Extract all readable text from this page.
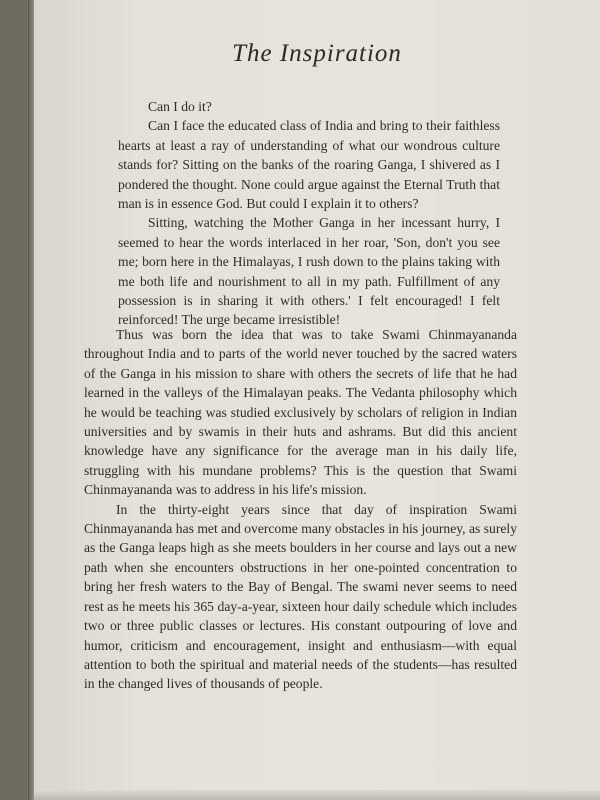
The Inspiration

Can I do it?

Can I face the educated class of India and bring to their faithless hearts at least a ray of understanding of what our wondrous culture stands for? Sitting on the banks of the roaring Ganga, I shivered as I pondered the thought. None could argue against the Eternal Truth that man is in essence God. But could I explain it to others?

Sitting, watching the Mother Ganga in her incessant hurry, I seemed to hear the words interlaced in her roar, 'Son, don't you see me; born here in the Himalayas, I rush down to the plains taking with me both life and nourishment to all in my path. Fulfillment of any possession is in sharing it with others.' I felt encouraged! I felt reinforced! The urge became irresistible!

Thus was born the idea that was to take Swami Chinmayananda throughout India and to parts of the world never touched by the sacred waters of the Ganga in his mission to share with others the secrets of life that he had learned in the valleys of the Himalayan peaks. The Vedanta philosophy which he would be teaching was studied exclusively by scholars of religion in Indian universities and by swamis in their huts and ashrams. But did this ancient knowledge have any significance for the average man in his daily life, struggling with his mundane problems? This is the question that Swami Chinmayananda was to address in his life's mission.

In the thirty-eight years since that day of inspiration Swami Chinmayananda has met and overcome many obstacles in his journey, as surely as the Ganga leaps high as she meets boulders in her course and lays out a new path when she encounters obstructions in her one-pointed concentration to bring her fresh waters to the Bay of Bengal. The swami never seems to need rest as he meets his 365 day-a-year, sixteen hour daily schedule which includes two or three public classes or lectures. His constant outpouring of love and humor, criticism and encouragement, insight and enthusiasm—with equal attention to both the spiritual and material needs of the students—has resulted in the changed lives of thousands of people.
